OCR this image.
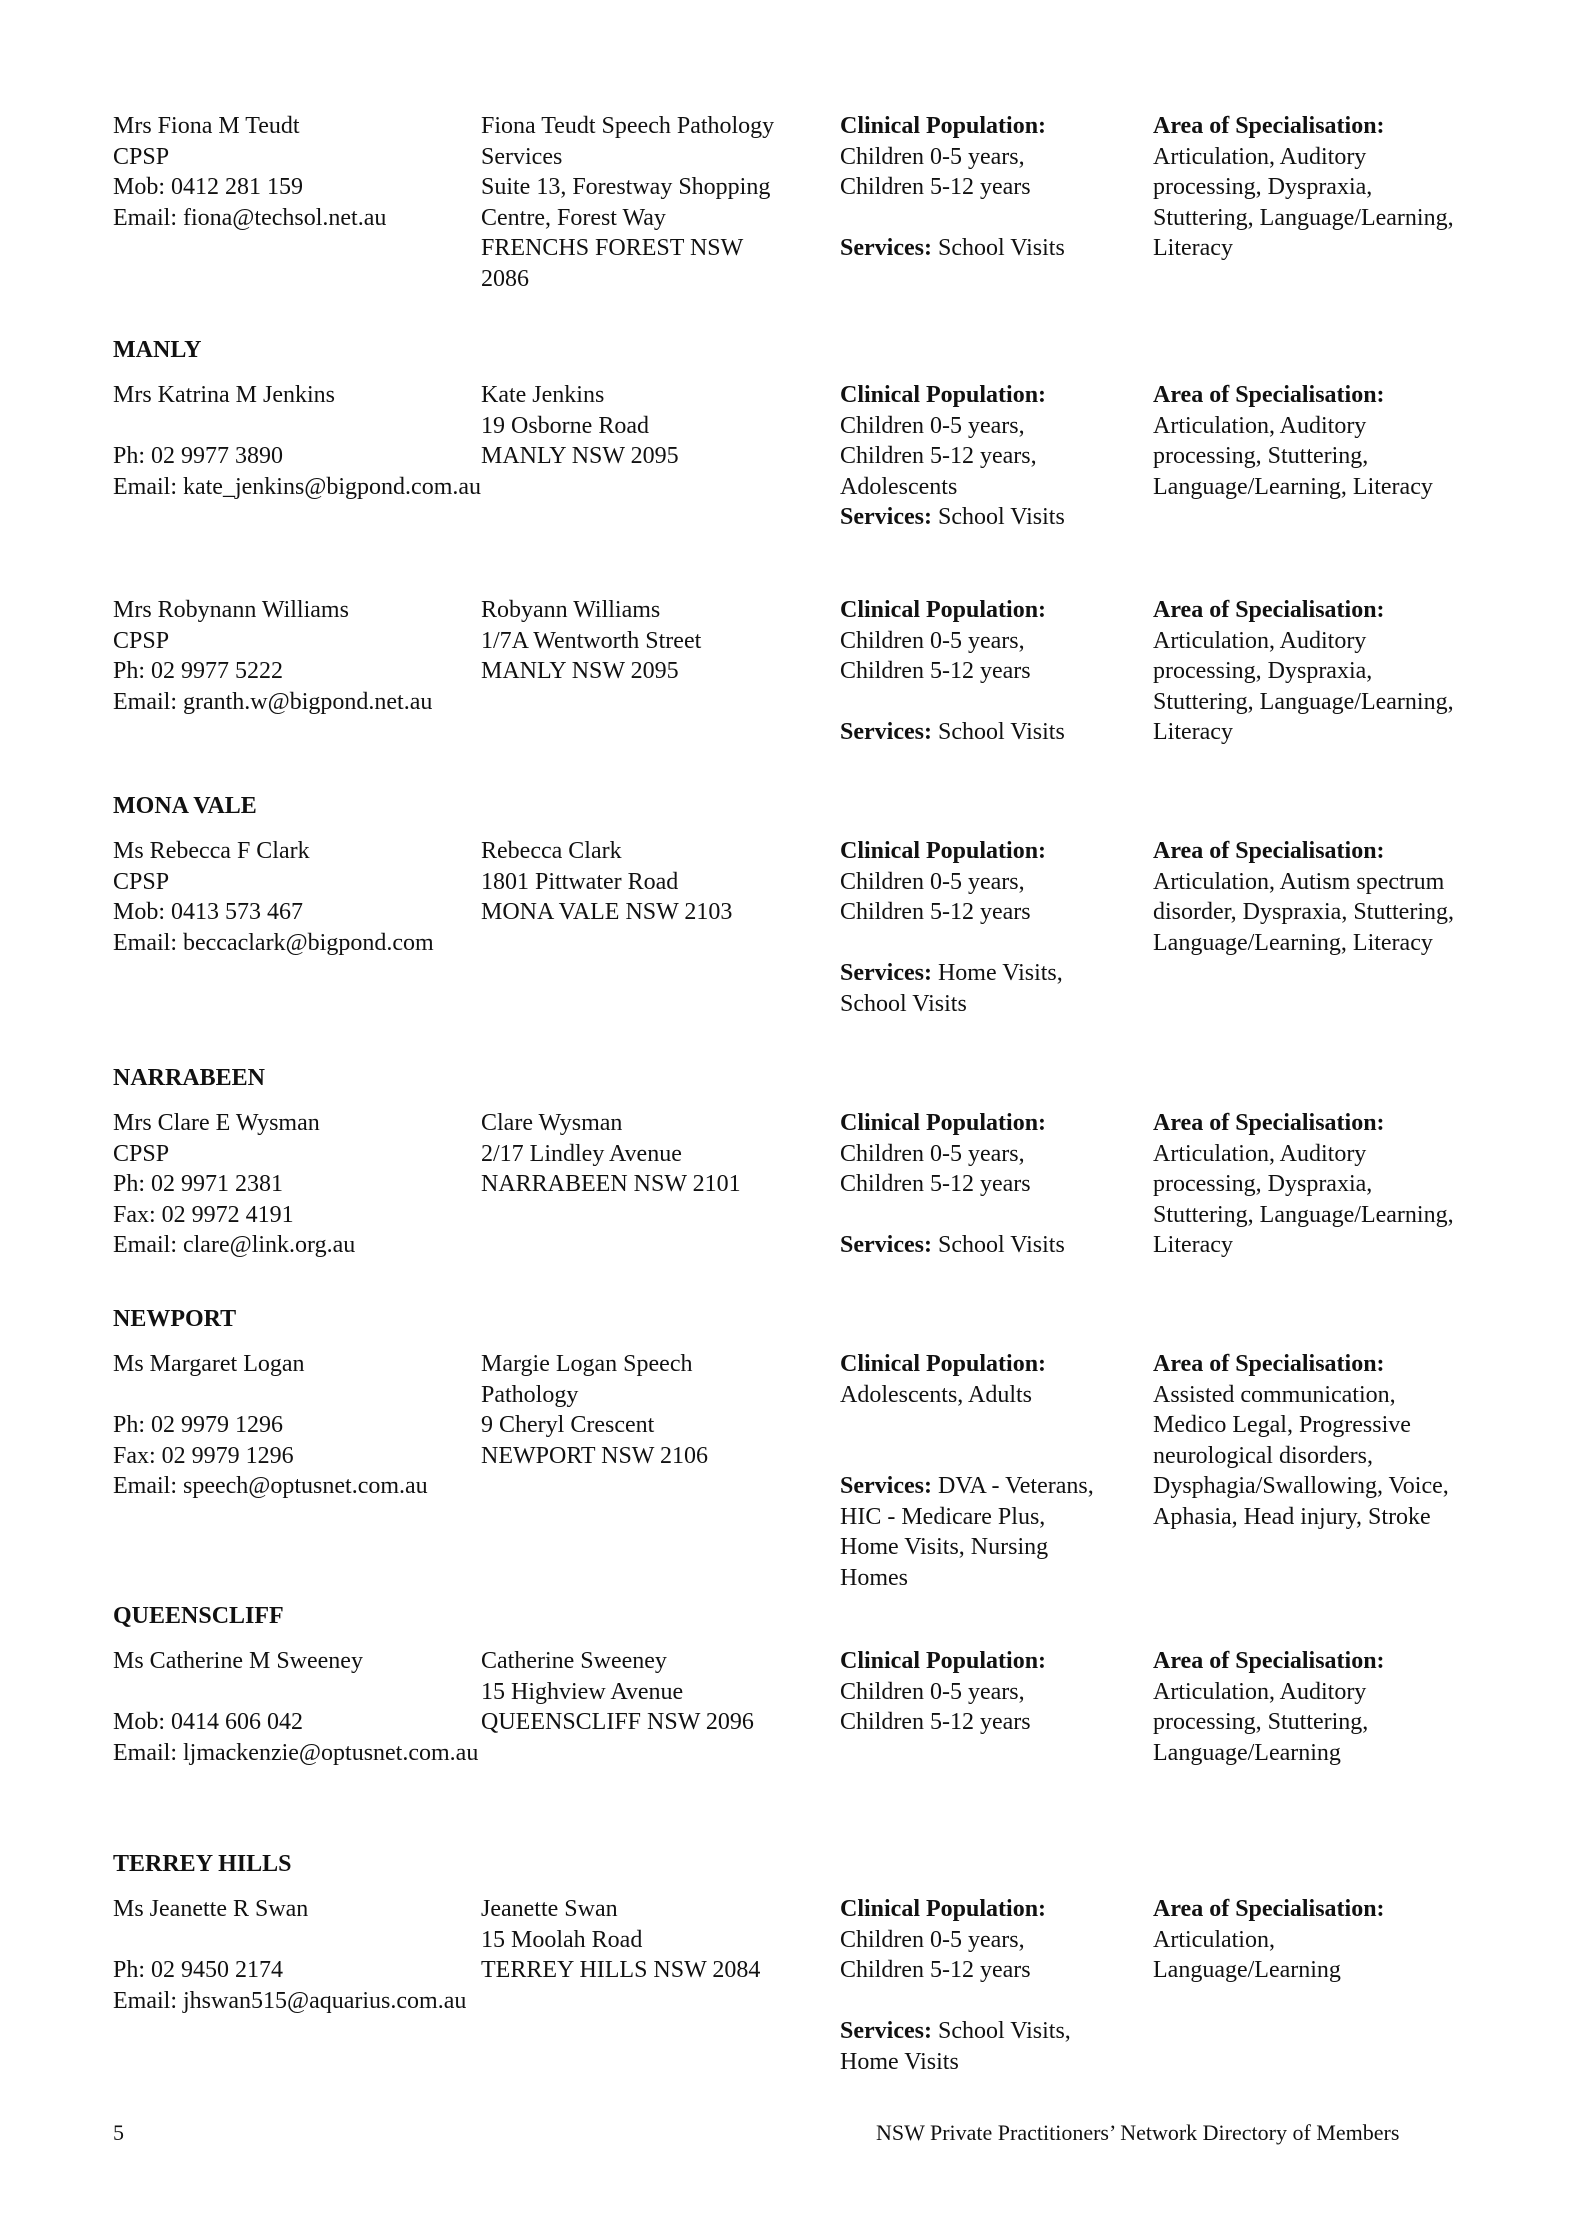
Mrs Fiona M Teudt
CPSP
Mob: 0412 281 159
Email: fiona@techsol.net.au
Fiona Teudt Speech Pathology
Services
Suite 13, Forestway Shopping
Centre, Forest Way
FRENCHS FOREST NSW
2086
Clinical Population:
Children 0-5 years,
Children 5-12 years
Services: School Visits
Area of Specialisation:
Articulation, Auditory
processing, Dyspraxia,
Stuttering, Language/Learning,
Literacy
MANLY
Mrs Katrina M Jenkins
Ph: 02 9977 3890
Email: kate_jenkins@bigpond.com.au
Kate Jenkins
19 Osborne Road
MANLY NSW 2095
Clinical Population:
Children 0-5 years,
Children 5-12 years,
Adolescents
Services: School Visits
Area of Specialisation:
Articulation, Auditory
processing, Stuttering,
Language/Learning, Literacy
Mrs Robynann Williams
CPSP
Ph: 02 9977 5222
Email: granth.w@bigpond.net.au
Robyann Williams
1/7A Wentworth Street
MANLY NSW 2095
Clinical Population:
Children 0-5 years,
Children 5-12 years
Services: School Visits
Area of Specialisation:
Articulation, Auditory
processing, Dyspraxia,
Stuttering, Language/Learning,
Literacy
MONA VALE
Ms Rebecca F Clark
CPSP
Mob: 0413 573 467
Email: beccaclark@bigpond.com
Rebecca Clark
1801 Pittwater Road
MONA VALE NSW 2103
Clinical Population:
Children 0-5 years,
Children 5-12 years
Services: Home Visits,
School Visits
Area of Specialisation:
Articulation, Autism spectrum
disorder, Dyspraxia, Stuttering,
Language/Learning, Literacy
NARRABEEN
Mrs Clare E Wysman
CPSP
Ph: 02 9971 2381
Fax: 02 9972 4191
Email: clare@link.org.au
Clare Wysman
2/17 Lindley Avenue
NARRABEEN NSW 2101
Clinical Population:
Children 0-5 years,
Children 5-12 years
Services: School Visits
Area of Specialisation:
Articulation, Auditory
processing, Dyspraxia,
Stuttering, Language/Learning,
Literacy
NEWPORT
Ms Margaret Logan
Ph: 02 9979 1296
Fax: 02 9979 1296
Email: speech@optusnet.com.au
Margie Logan Speech
Pathology
9 Cheryl Crescent
NEWPORT NSW 2106
Clinical Population:
Adolescents, Adults
Services: DVA - Veterans,
HIC - Medicare Plus,
Home Visits, Nursing
Homes
Area of Specialisation:
Assisted communication,
Medico Legal, Progressive
neurological disorders,
Dysphagia/Swallowing, Voice,
Aphasia, Head injury, Stroke
QUEENSCLIFF
Ms Catherine M Sweeney
Mob: 0414 606 042
Email: ljmackenzie@optusnet.com.au
Catherine Sweeney
15 Highview Avenue
QUEENSCLIFF NSW 2096
Clinical Population:
Children 0-5 years,
Children 5-12 years
Area of Specialisation:
Articulation, Auditory
processing, Stuttering,
Language/Learning
TERREY HILLS
Ms Jeanette R Swan
Ph: 02 9450 2174
Email: jhswan515@aquarius.com.au
Jeanette Swan
15 Moolah Road
TERREY HILLS NSW 2084
Clinical Population:
Children 0-5 years,
Children 5-12 years
Services: School Visits,
Home Visits
Area of Specialisation:
Articulation,
Language/Learning
5	NSW Private Practitioners’ Network Directory of Members
